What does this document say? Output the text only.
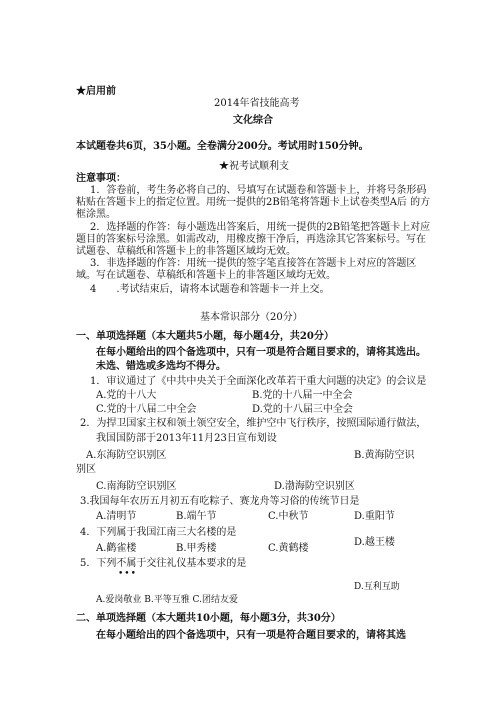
★启用前
2014年省技能高考
文化综合
本试题卷共6页，35小题。全卷满分200分。考试用时150分钟。
★祝考试顺利支
注意事项：
1．答卷前，考生务必将自己的、号填写在试题卷和答题卡上，并将号条形码粘贴在答题卡上的指定位置。用统一提供的2B铅笔将答题卡上试卷类型A后 的方框涂黑。
2．选择题的作答：每小题选出答案后，用统一提供的2B铅笔把答题卡上对应题目的答案标号涂黑。如需改动，用橡皮擦干净后，再选涂其它答案标号。写在试题卷、草稿纸和答题卡上的非答题区域均无效。
3．非选择题的作答：用统一提供的签字笔直接答在答题卡上对应的答题区域。写在试题卷、草稿纸和答题卡上的非答题区域均无效。
4　　.考试结束后，请将本试题卷和答题卡一并上交。
基本常识部分（20分）
一、单项选择题（本大题共5小题，每小题4分，共20分）
在每小题给出的四个备选项中，只有一项是符合题目要求的，请将其选出。
未选、错选或多选均不得分。
1．审议通过了《中共中央关于全面深化改革若干重大问题的决定》的会议是
A.党的十八大	B.党的十八届一中全会
C.党的十八届二中全会	D.党的十八届三中全会
2．为捍卫国家主权和领土领空安全，维护空中飞行秩序，按照国际通行做法，
我国国防部于2013年11月23日宣布划设
A.东海防空识别区	B.黄海防空识
别区
C.南海防空识别区	D.渤海防空识别区
3.我国每年农历五月初五有吃粽子、赛龙舟等习俗的传统节日是
A.清明节	B.端午节	C.中秋节	D.重阳节
4．下列属于我国江南三大名楼的是
A.鹳雀楼	B.甲秀楼	C.黄鹤楼
D.越王楼
5．下列不属于交往礼仪基本要求的是
•••
D.互利互助
A.爱岗敬业 B.平等互雅 C.团结友爱
二、单项选择题（本大题共10小题，每小题3分，共30分）
在每小题给出的四个备选项中，只有一项是符合题目要求的，请将其选
